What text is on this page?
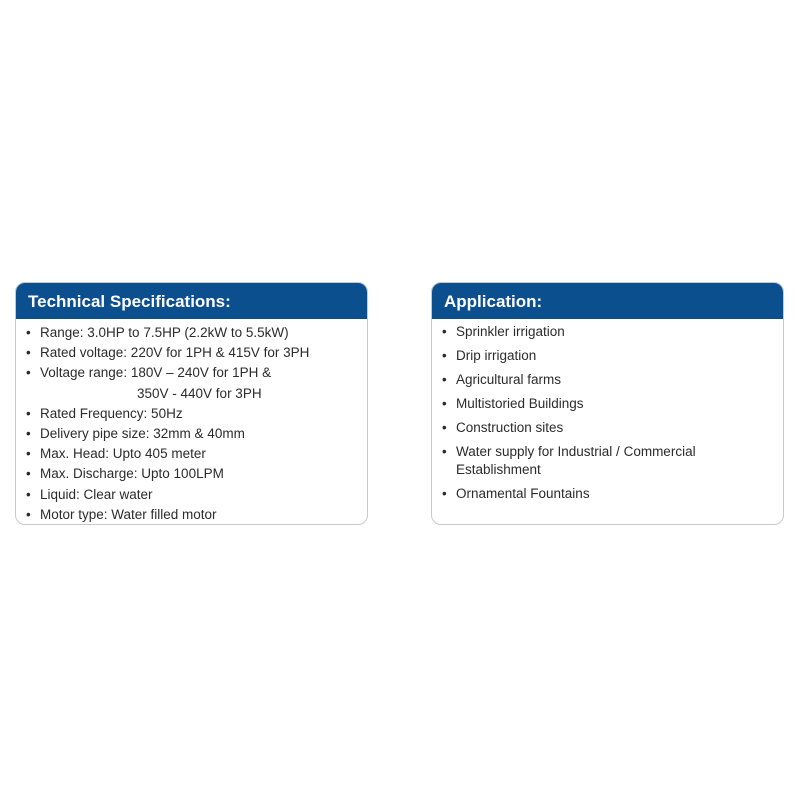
Technical Specifications:
• Range: 3.0HP to 7.5HP (2.2kW to 5.5kW)
• Rated voltage: 220V for 1PH & 415V for 3PH
• Voltage range: 180V – 240V for 1PH &
350V - 440V for 3PH
• Rated Frequency: 50Hz
• Delivery pipe size: 32mm & 40mm
• Max. Head: Upto 405 meter
• Max. Discharge: Upto 100LPM
• Liquid: Clear water
• Motor type: Water filled motor
Application:
• Sprinkler irrigation
• Drip irrigation
• Agricultural farms
• Multistoried Buildings
• Construction sites
• Water supply for Industrial / Commercial Establishment
• Ornamental Fountains
